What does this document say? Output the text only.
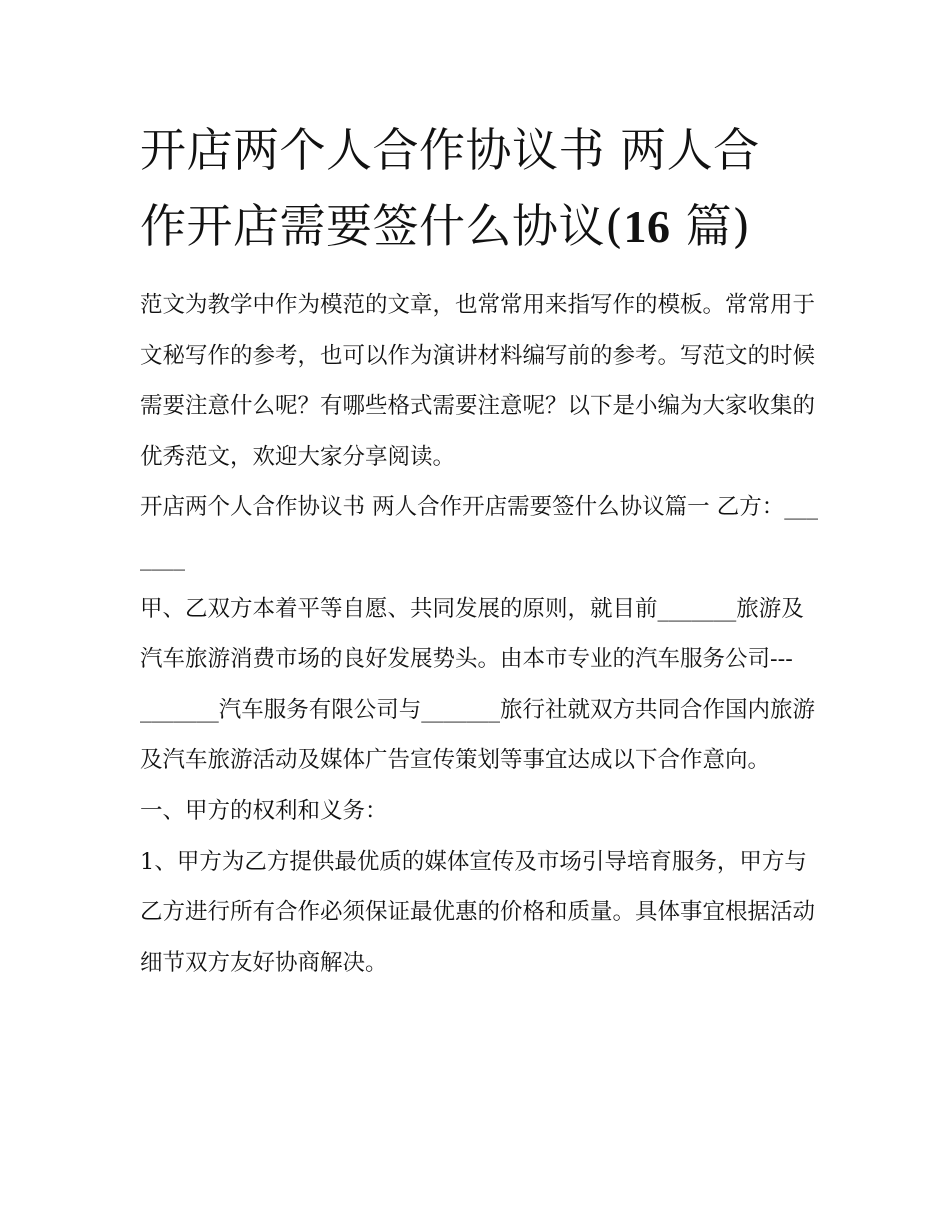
开店两个人合作协议书 两人合
作开店需要签什么协议(16 篇)

范文为教学中作为模范的文章，也常常用来指写作的模板。常常用于文秘写作的参考，也可以作为演讲材料编写前的参考。写范文的时候需要注意什么呢？有哪些格式需要注意呢？以下是小编为大家收集的优秀范文，欢迎大家分享阅读。

开店两个人合作协议书 两人合作开店需要签什么协议篇一 乙方：_______

甲、乙双方本着平等自愿、共同发展的原则，就目前_______旅游及汽车旅游消费市场的良好发展势头。由本市专业的汽车服务公司---

_______汽车服务有限公司与_______旅行社就双方共同合作国内旅游及汽车旅游活动及媒体广告宣传策划等事宜达成以下合作意向。

一、甲方的权利和义务：

1、甲方为乙方提供最优质的媒体宣传及市场引导培育服务，甲方与乙方进行所有合作必须保证最优惠的价格和质量。具体事宜根据活动细节双方友好协商解决。
